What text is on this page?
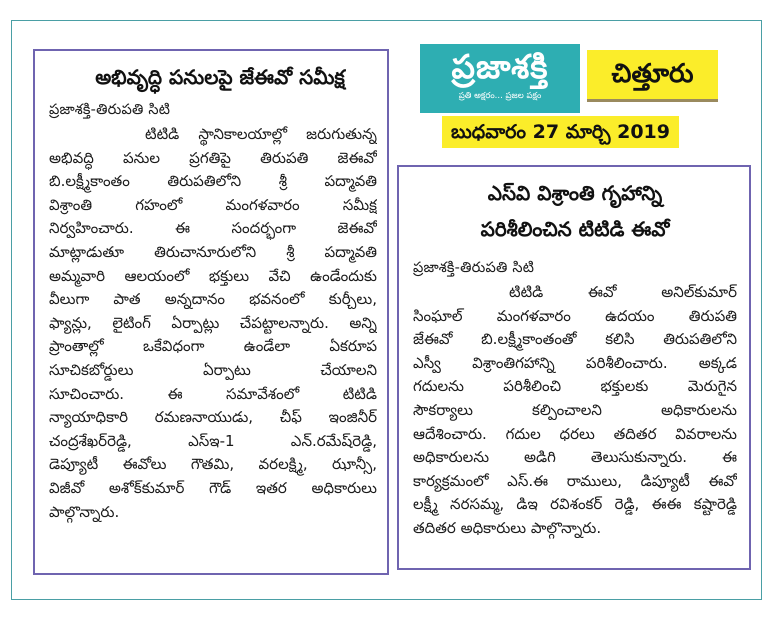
అభివృద్ధి పనులపై జేఈవో సమీక్ష
ప్రజాశక్తి-తిరుపతి సిటి

టిటిడి స్థానికాలయాల్లో జరుగుతున్న
అభివద్ధి పనుల ప్రగతిపై తిరుపతి జెఈవో
బి.లక్ష్మీకాంతం తిరుపతిలోని శ్రీ పద్మావతి
విశ్రాంతి గహంలో మంగళవారం సమీక్ష
నిర్వహించారు. ఈ సందర్భంగా జెఈవో
మాట్లాడుతూ తిరుచానూరులోని శ్రీ పద్మావతి
అమ్మవారి ఆలయంలో భక్తులు వేచి ఉండేందుకు
వీలుగా పాత అన్నదానం భవనంలో కుర్చీలు,
ఫ్యాన్లు, లైటింగ్ ఏర్పాట్లు చేపట్టాలన్నారు. అన్ని
ప్రాంతాల్లో ఒకేవిధంగా ఉండేలా ఏకరూప
సూచికబోర్డులు ఏర్పాటు చేయాలని
సూచించారు. ఈ సమావేశంలో టిటిడి
న్యాయాధికారి రమణనాయుడు, చీఫ్ ఇంజినీర్
చంద్రశేఖర్‌రెడ్డి, ఎస్ఇ-1 ఎన్.రమేష్‌రెడ్డి,
డెప్యూటీ ఈవోలు గౌతమి, వరలక్ష్మి, ఝాన్సీ,
విజీవో అశోక్‌కుమార్ గౌడ్ ఇతర అధికారులు
పాల్గొన్నారు.

ప్రజాశక్తి
ప్రతి అక్షరం... ప్రజల పక్షం
చిత్తూరు
బుధవారం 27 మార్చి 2019
ఎస్‌వి విశ్రాంతి గృహాన్ని
పరిశీలించిన టిటిడి ఈవో
ప్రజాశక్తి-తిరుపతి సిటి

టిటిడి ఈవో అనిల్‌కుమార్
సింఘాల్ మంగళవారం ఉదయం తిరుపతి
జేఈవో బి.లక్ష్మీకాంతంతో కలిసి తిరుపతిలోని
ఎస్వీ విశ్రాంతిగహాన్ని పరిశీలించారు. అక్కడ
గదులను పరిశీలించి భక్తులకు మెరుగైన
సౌకర్యాలు కల్పించాలని అధికారులను
ఆదేశించారు. గదుల ధరలు తదితర వివరాలను
అధికారులను అడిగి తెలుసుకున్నారు. ఈ
కార్యక్రమంలో ఎస్.ఈ రాములు, డిప్యూటీ ఈవో
లక్ష్మీ నరసమ్మ, డిఇ రవిశంకర్ రెడ్డి, ఈఈ కష్టారెడ్డి
తదితర అధికారులు పాల్గొన్నారు.
